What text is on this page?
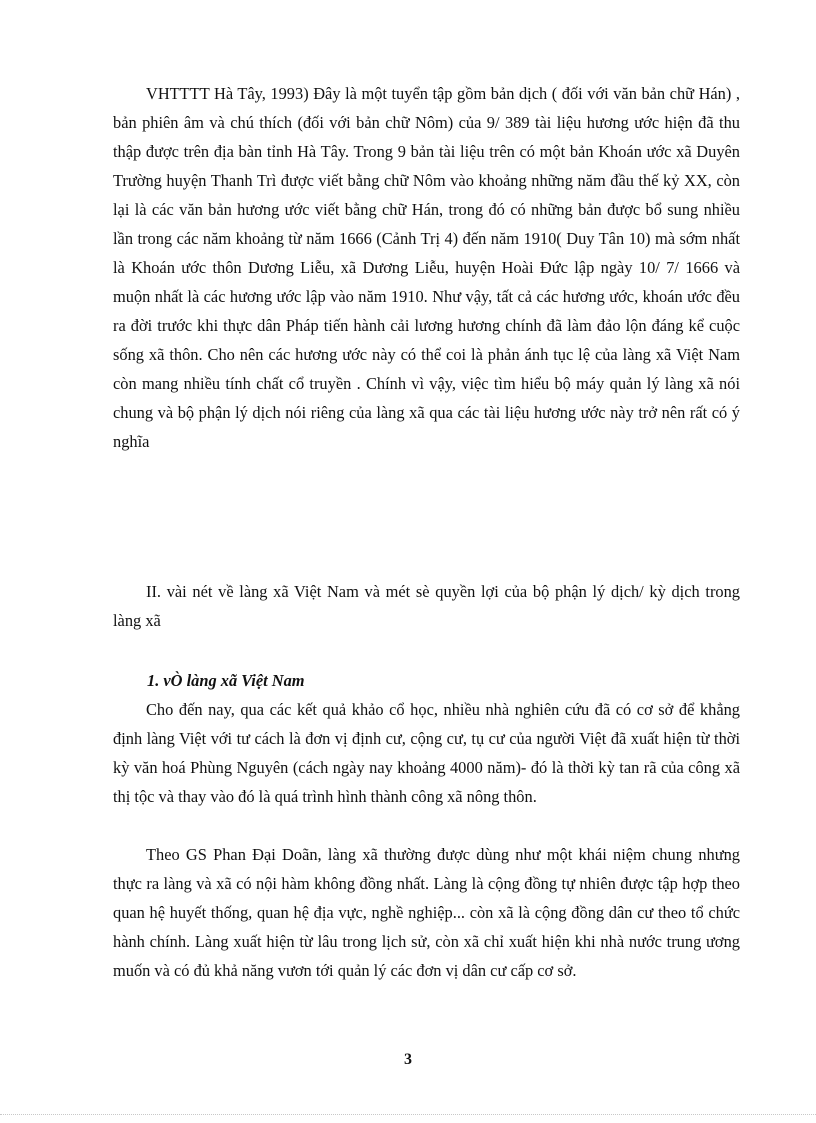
VHTTTT Hà Tây, 1993) Đây là một tuyển tập gồm bản dịch ( đối với văn bản chữ Hán) , bản phiên âm và chú thích (đối với bản chữ Nôm) của 9/ 389 tài liệu hương ước hiện đã thu thập được trên địa bàn tỉnh Hà Tây. Trong 9 bản tài liệu trên có một bản Khoán ước xã Duyên Trường huyện Thanh Trì được viết bằng chữ Nôm vào khoảng những năm đầu thế kỷ XX, còn lại là các văn bản hương ước viết bằng chữ Hán, trong đó có những bản được bổ sung nhiều lần trong các năm khoảng từ năm 1666 (Cảnh Trị 4) đến năm 1910( Duy Tân 10) mà sớm nhất là Khoán ước thôn Dương Liễu, xã Dương Liễu, huyện Hoài Đức lập ngày 10/ 7/ 1666 và muộn nhất là các hương ước lập vào năm 1910. Như vậy, tất cả các hương ước, khoán ước đều ra đời trước khi thực dân Pháp tiến hành cải lương hương chính đã làm đảo lộn đáng kể cuộc sống xã thôn. Cho nên các hương ước này có thể coi là phản ánh tục lệ của làng xã Việt Nam còn mang nhiều tính chất cổ truyền . Chính vì vậy, việc tìm hiểu bộ máy quản lý làng xã nói chung và bộ phận lý dịch nói riêng của làng xã qua các tài liệu hương ước này trở nên rất có ý nghĩa

II. vài nét về làng xã Việt Nam và mét sè quyền lợi của bộ phận lý dịch/ kỳ dịch trong làng xã

1. vÒ làng xã Việt Nam

Cho đến nay, qua các kết quả khảo cổ học, nhiều nhà nghiên cứu đã có cơ sở để khẳng định làng Việt với tư cách là đơn vị định cư, cộng cư, tụ cư của người Việt đã xuất hiện từ thời kỳ văn hoá Phùng Nguyên (cách ngày nay khoảng 4000 năm)- đó là thời kỳ tan rã của công xã thị tộc và thay vào đó là quá trình hình thành công xã nông thôn.

Theo GS Phan Đại Doãn, làng xã thường được dùng như một khái niệm chung nhưng thực ra làng và xã có nội hàm không đồng nhất. Làng là cộng đồng tự nhiên được tập hợp theo quan hệ huyết thống, quan hệ địa vực, nghề nghiệp... còn xã là cộng đồng dân cư theo tổ chức hành chính. Làng xuất hiện từ lâu trong lịch sử, còn xã chỉ xuất hiện khi nhà nước trung ương muốn và có đủ khả năng vươn tới quản lý các đơn vị dân cư cấp cơ sở.

3
